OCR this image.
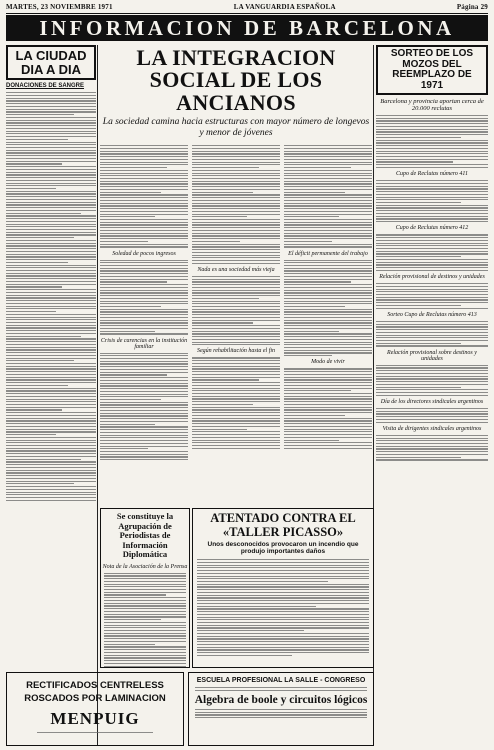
MARTES, 23 NOVIEMBRE 1971	LA VANGUARDIA ESPAÑOLA	Página 29
INFORMACION DE BARCELONA
LA CIUDAD DIA A DIA
DONACIONES DE SANGRE
LA INTEGRACION SOCIAL DE LOS ANCIANOS
La sociedad camina hacia estructuras con mayor número de longevos y menor de jóvenes
Soledad de pocos ingresos
Crisis de carencias en la institución familiar
Nada es una sociedad más vieja
Según rehabilitación hasta el fin
El déficit permanente del trabajo
Modo de vivir
SORTEO DE LOS MOZOS DEL REEMPLAZO DE 1971
Barcelona y provincia aportan cerca de 20.000 reclutas
Cupo de Reclutas número 411
Cupo de Reclutas número 412
Relación provisional de destinos y unidades
Sorteo Cupo de Reclutas número 413
Relación provisional sobre destinos y unidades
Día de los directores sindicales argentinos
Visita de dirigentes sindicales argentinos
Se constituye la Agrupación de Periodistas de Información Diplomática
Nota de la Asociación de la Prensa
ATENTADO CONTRA EL «TALLER PICASSO»
Unos desconocidos provocaron un incendio que produjo importantes daños
RECTIFICADOS CENTRELESS
ROSCADOS POR LAMINACION
MENPUIG
ESCUELA PROFESIONAL LA SALLE - CONGRESO
Algebra de boole y circuitos lógicos
